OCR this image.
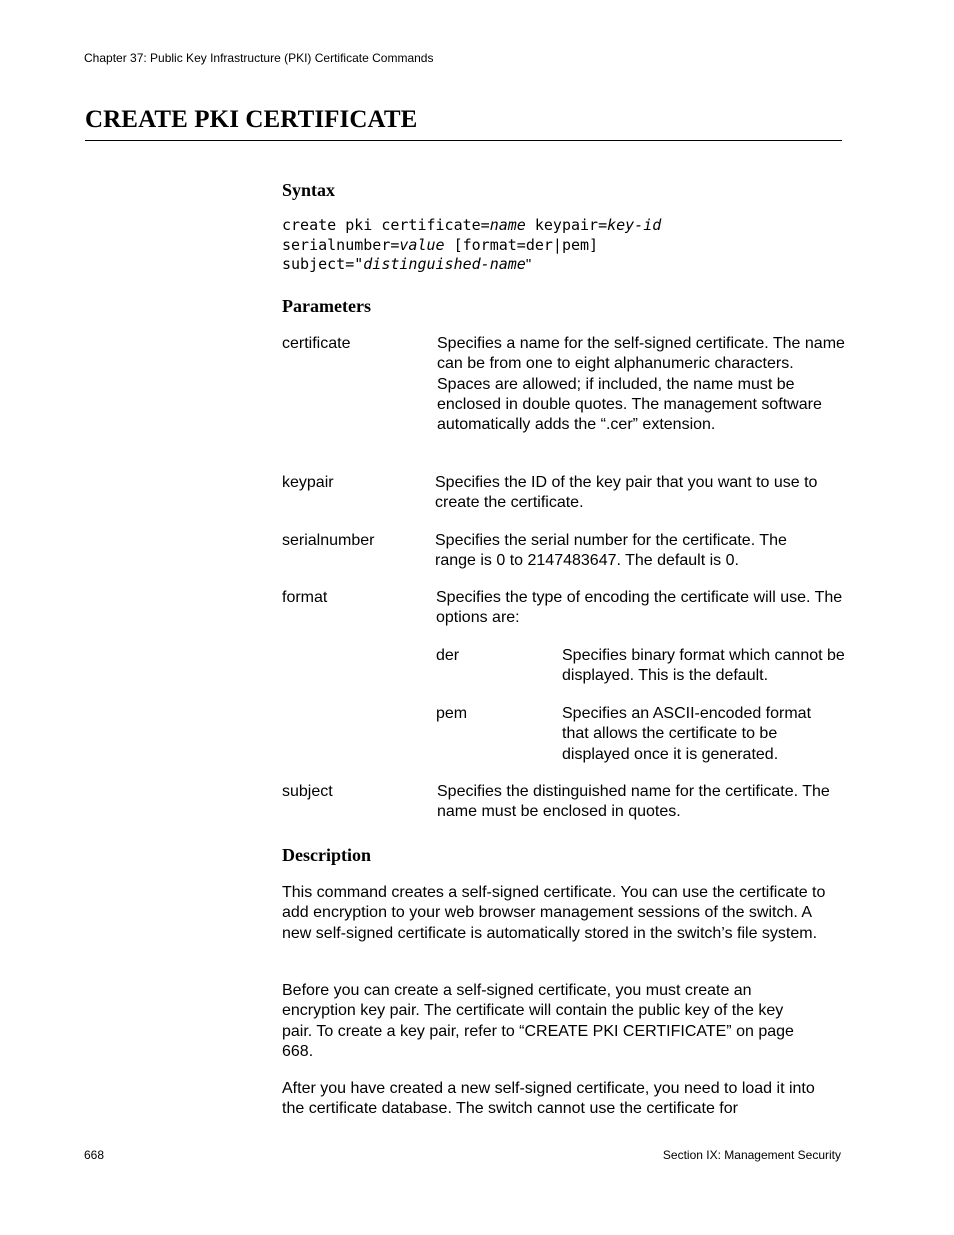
Chapter 37: Public Key Infrastructure (PKI) Certificate Commands
CREATE PKI CERTIFICATE
Syntax
create pki certificate=name keypair=key-id
serialnumber=value [format=der|pem]
subject="distinguished-name"
Parameters
certificate	Specifies a name for the self-signed certificate. The name can be from one to eight alphanumeric characters. Spaces are allowed; if included, the name must be enclosed in double quotes. The management software automatically adds the “.cer” extension.
keypair	Specifies the ID of the key pair that you want to use to create the certificate.
serialnumber	Specifies the serial number for the certificate. The range is 0 to 2147483647. The default is 0.
format	Specifies the type of encoding the certificate will use. The options are:
der	Specifies binary format which cannot be displayed. This is the default.
pem	Specifies an ASCII-encoded format that allows the certificate to be displayed once it is generated.
subject	Specifies the distinguished name for the certificate. The name must be enclosed in quotes.
Description

This command creates a self-signed certificate. You can use the certificate to add encryption to your web browser management sessions of the switch. A new self-signed certificate is automatically stored in the switch’s file system.

Before you can create a self-signed certificate, you must create an encryption key pair. The certificate will contain the public key of the key pair. To create a key pair, refer to “CREATE PKI CERTIFICATE” on page 668.

After you have created a new self-signed certificate, you need to load it into the certificate database. The switch cannot use the certificate for

668	Section IX: Management Security
